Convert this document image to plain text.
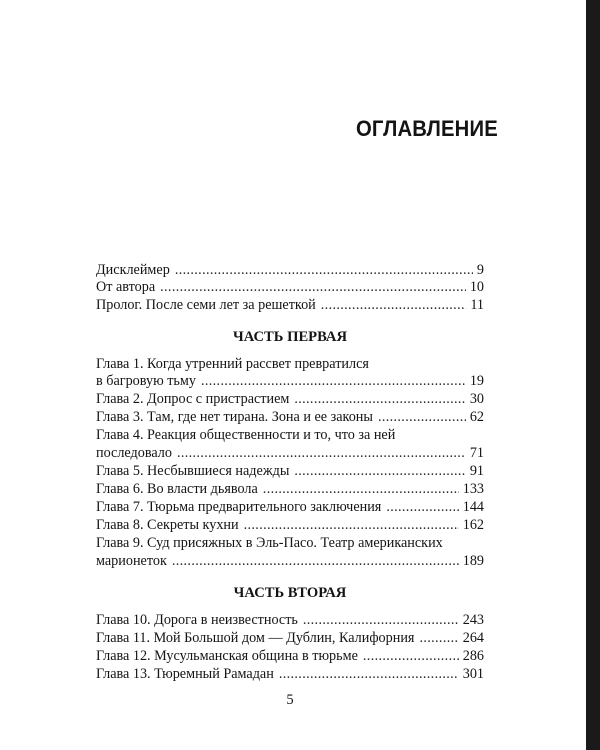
ОГЛАВЛЕНИЕ
Дисклеймер . . .	9
От автора . . .	10
Пролог. После семи лет за решеткой . . .	11
ЧАСТЬ ПЕРВАЯ
Глава 1. Когда утренний рассвет превратился
в багровую тьму . . .	19
Глава 2. Допрос с пристрастием . . .	30
Глава 3. Там, где нет тирана. Зона и ее законы . . .	62
Глава 4. Реакция общественности и то, что за ней
последовало . . .	71
Глава 5. Несбывшиеся надежды . . .	91
Глава 6. Во власти дьявола . . .	133
Глава 7. Тюрьма предварительного заключения . . .	144
Глава 8. Секреты кухни . . .	162
Глава 9. Суд присяжных в Эль-Пасо. Театр американских
марионеток . . .	189
ЧАСТЬ ВТОРАЯ
Глава 10. Дорога в неизвестность . . .	243
Глава 11. Мой Большой дом — Дублин, Калифорния . . .	264
Глава 12. Мусульманская община в тюрьме . . .	286
Глава 13. Тюремный Рамадан . . .	301
5
